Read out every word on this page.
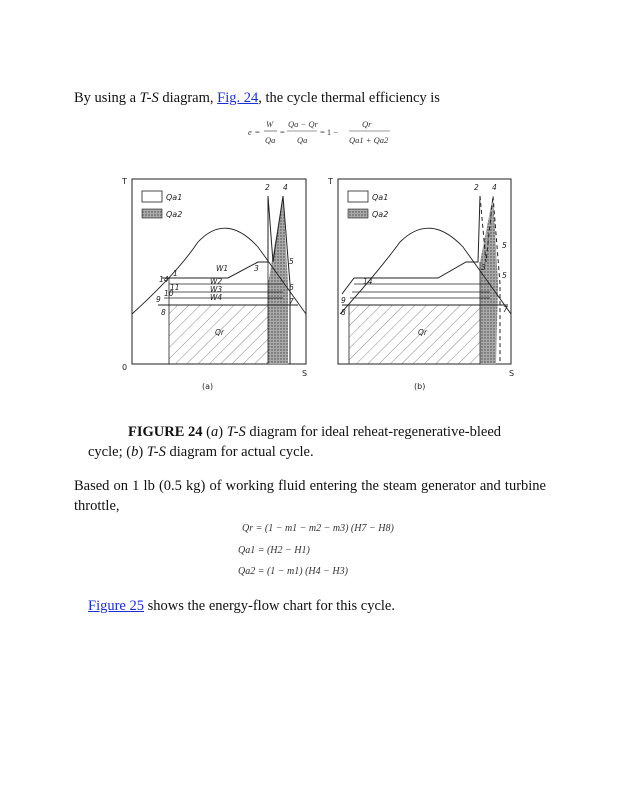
By using a T-S diagram, Fig. 24, the cycle thermal efficiency is
e =
W
Qa
=
Qa − Qr
Qa
= 1 −
Qr
Qa1 + Qa2
T
0
S
(a)
Qa1
Qa2
1
2
3
4
5
6
7
8
9
10
14
11
W1
W2
W3
W4
Qr
T
S
(b)
Qa1
Qa2
2 4
14
9
8
3
5
5
7
Qr
FIGURE 24 (a) T-S diagram for ideal reheat-regenerative-bleed
cycle; (b) T-S diagram for actual cycle.
Based on 1 lb (0.5 kg) of working fluid entering the steam generator and turbine throttle,
Qr = (1 − m1 − m2 − m3) (H7 − H8)
Qa1 = (H2 − H1)
Qa2 = (1 − m1) (H4 − H3)
Figure 25 shows the energy-flow chart for this cycle.
